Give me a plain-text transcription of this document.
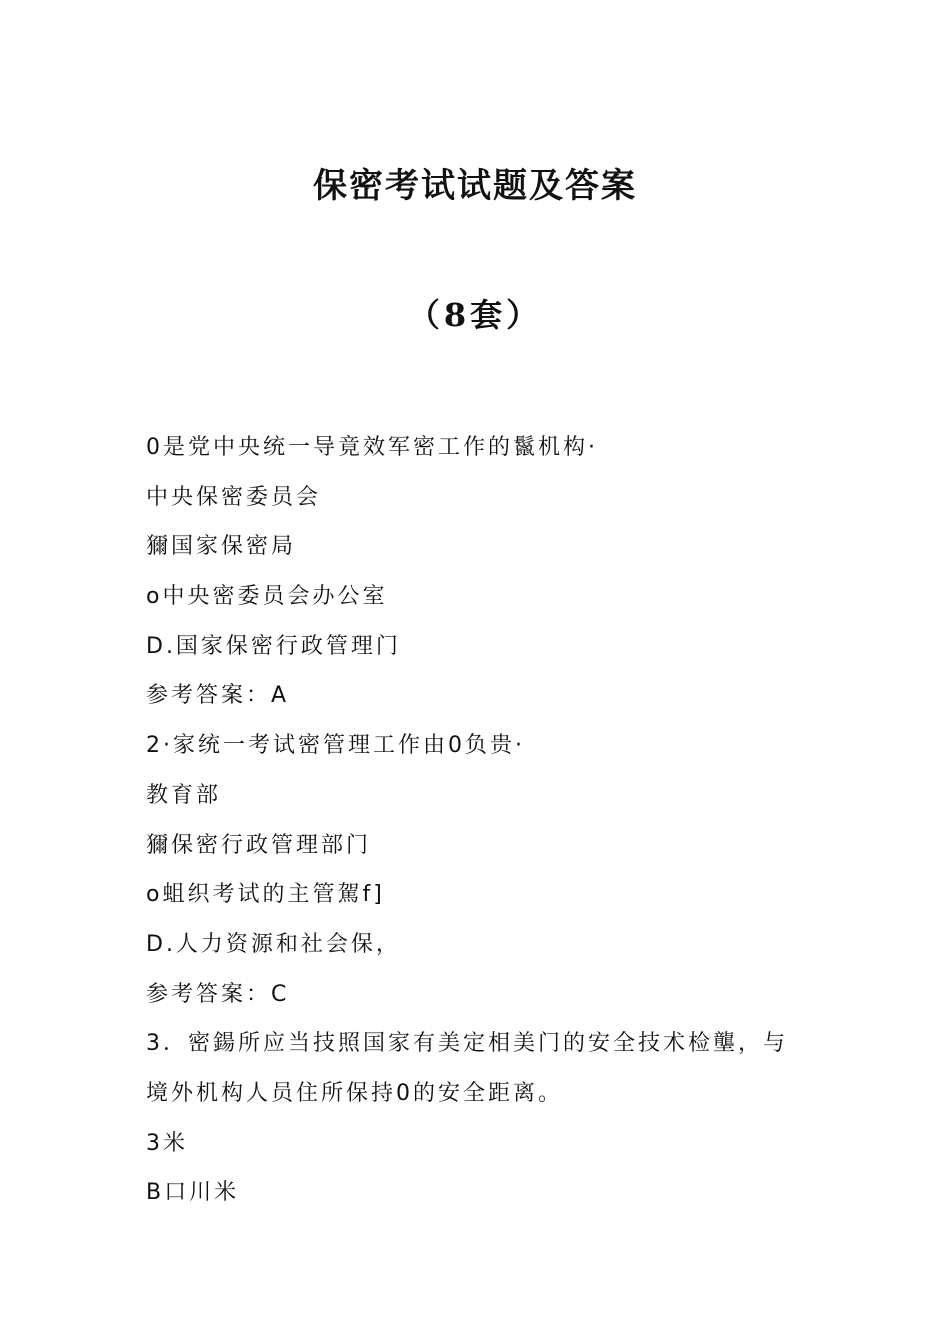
保密考试试题及答案
（8套）
0是党中央统一导竟效军密工作的鬣机构·
中央保密委员会
獮国家保密局
o中央密委员会办公室
D.国家保密行政管理门
参考答案：A
2·家统一考试密管理工作由0负贵·
教育部
獮保密行政管理部门
o蛆织考试的主管駕f]
D.人力资源和社会保，
参考答案：C
3．密鍚所应当技照国家有美定相美门的安全技术检壟，与
境外机构人员住所保持0的安全距离。
3米
B口川米
